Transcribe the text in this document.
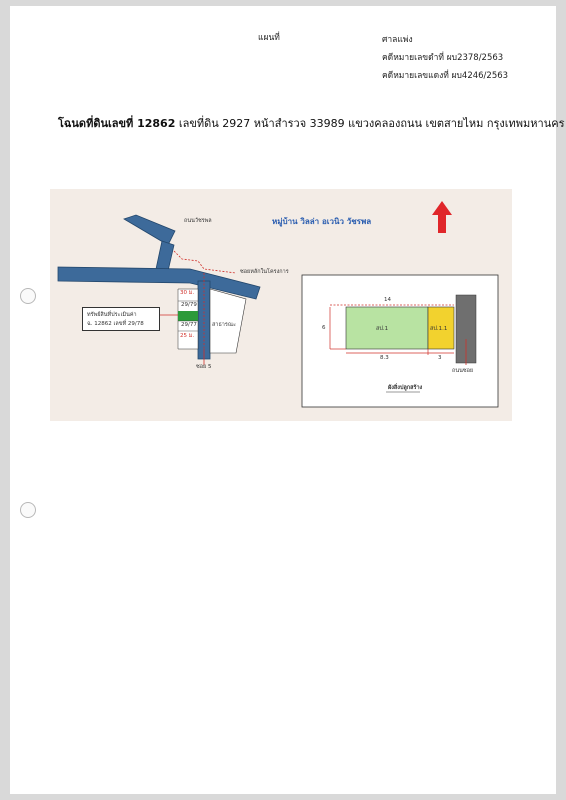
แผนที่	ศาลแพ่ง
คดีหมายเลขดำที่ ผบ2378/2563
คดีหมายเลขแดงที่ ผบ4246/2563
โฉนดที่ดินเลขที่ 12862 เลขที่ดิน 2927 หน้าสำรวจ 33989 แขวงคลองถนน เขตสายไหม กรุงเทพมหานคร
ถนนวัชรพล	หมู่บ้าน วิลล่า อเวนิว วัชรพล
ซอยหลักในโครงการ
30 ม.
29/79
29/77
25 ม.
สาธารณะ
ซอย 5
ทรัพย์สินที่ประเมินค่า
ฉ. 12862 เลขที่ 29/78
14
6
8.3	3
สป.1	สป.1.1
ถนนซอย
ผังสิ่งปลูกสร้าง
